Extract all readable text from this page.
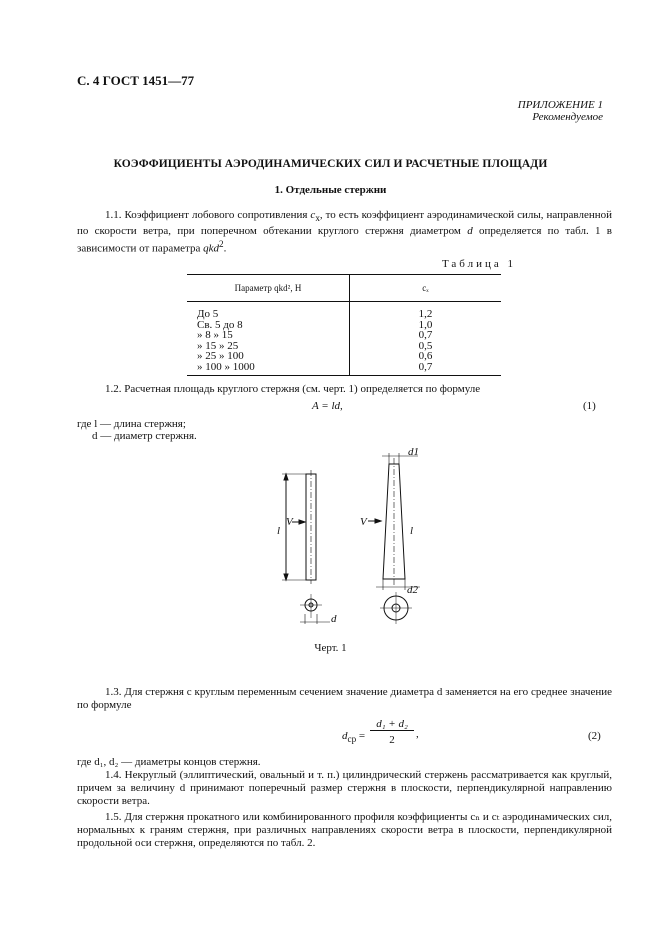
С. 4 ГОСТ 1451—77
ПРИЛОЖЕНИЕ 1
Рекомендуемое
КОЭФФИЦИЕНТЫ АЭРОДИНАМИЧЕСКИХ СИЛ И РАСЧЕТНЫЕ ПЛОЩАДИ
1. Отдельные стержни
1.1. Коэффициент лобового сопротивления $c_x$, то есть коэффициент аэродинамической силы, направленной по скорости ветра, при поперечном обтекании круглого стержня диаметром d определяется по табл. 1 в зависимости от параметра qkd$^2$.
Таблица 1
Параметр qkd², Н	cₓ
До 5	1,2
Св. 5 до 8	1,0
» 8 » 15	0,7
» 15 » 25	0,5
» 25 » 100	0,6
» 100 » 1000	0,7
1.2. Расчетная площадь круглого стержня (см. черт. 1) определяется по формуле
A = ld,	(1)
где l — длина стержня;
d — диаметр стержня.
l
V
d
V
l
d1
d2
Черт. 1
1.3. Для стержня с круглым переменным сечением значение диаметра d заменяется на его среднее значение по формуле
$d_{ср}$ =
d₁ + d₂
2	,	(2)
где d₁, d₂ — диаметры концов стержня.
1.4. Некруглый (эллиптический, овальный и т. п.) цилиндрический стержень рассматривается как круглый, причем за величину d принимают поперечный размер стержня в плоскости, перпендикулярной направлению скорости ветра.
1.5. Для стержня прокатного или комбинированного профиля коэффициенты cₙ и cₜ аэродинамических сил, нормальных к граням стержня, при различных направлениях скорости ветра в плоскости, перпендикулярной продольной оси стержня, определяются по табл. 2.
